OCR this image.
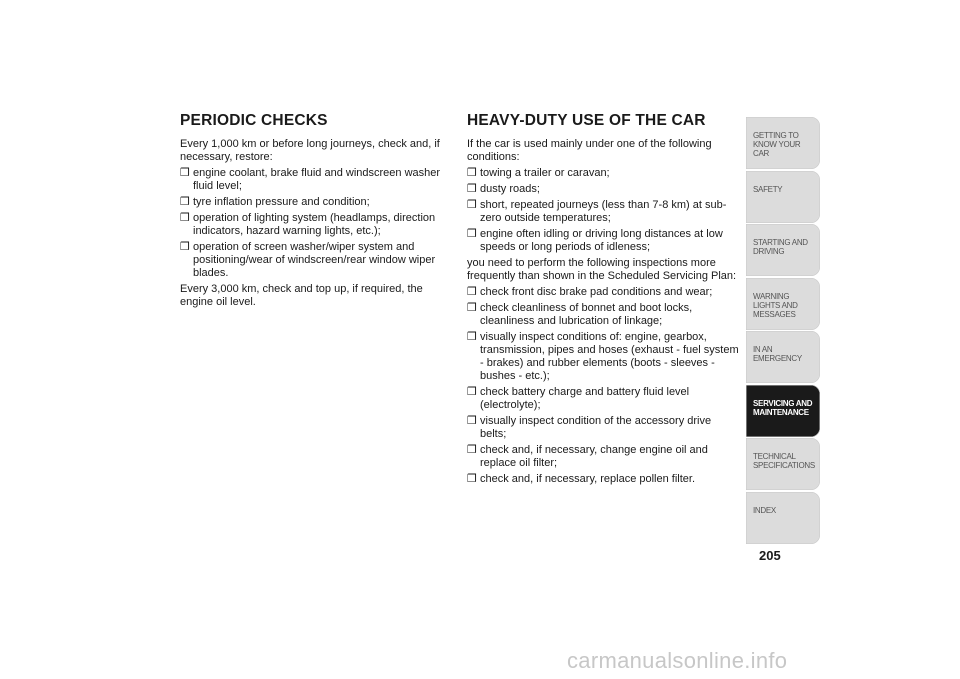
PERIODIC CHECKS

Every 1,000 km or before long journeys, check and, if necessary, restore:

❒ engine coolant, brake fluid and windscreen washer fluid level;
❒ tyre inflation pressure and condition;
❒ operation of lighting system (headlamps, direction indicators, hazard warning lights, etc.);
❒ operation of screen washer/wiper system and positioning/wear of windscreen/rear window wiper blades.

Every 3,000 km, check and top up, if required, the engine oil level.

HEAVY-DUTY USE OF THE CAR

If the car is used mainly under one of the following conditions:

❒ towing a trailer or caravan;
❒ dusty roads;
❒ short, repeated journeys (less than 7-8 km) at sub-zero outside temperatures;
❒ engine often idling or driving long distances at low speeds or long periods of idleness;

you need to perform the following inspections more frequently than shown in the Scheduled Servicing Plan:

❒ check front disc brake pad conditions and wear;
❒ check cleanliness of bonnet and boot locks, cleanliness and lubrication of linkage;
❒ visually inspect conditions of: engine, gearbox, transmission, pipes and hoses (exhaust - fuel system - brakes) and rubber elements (boots - sleeves - bushes - etc.);
❒ check battery charge and battery fluid level (electrolyte);
❒ visually inspect condition of the accessory drive belts;
❒ check and, if necessary, change engine oil and replace oil filter;
❒ check and, if necessary, replace pollen filter.
GETTING TO KNOW YOUR CAR
SAFETY
STARTING AND DRIVING
WARNING LIGHTS AND MESSAGES
IN AN EMERGENCY
SERVICING AND MAINTENANCE
TECHNICAL SPECIFICATIONS
INDEX
205
carmanualsonline.info
